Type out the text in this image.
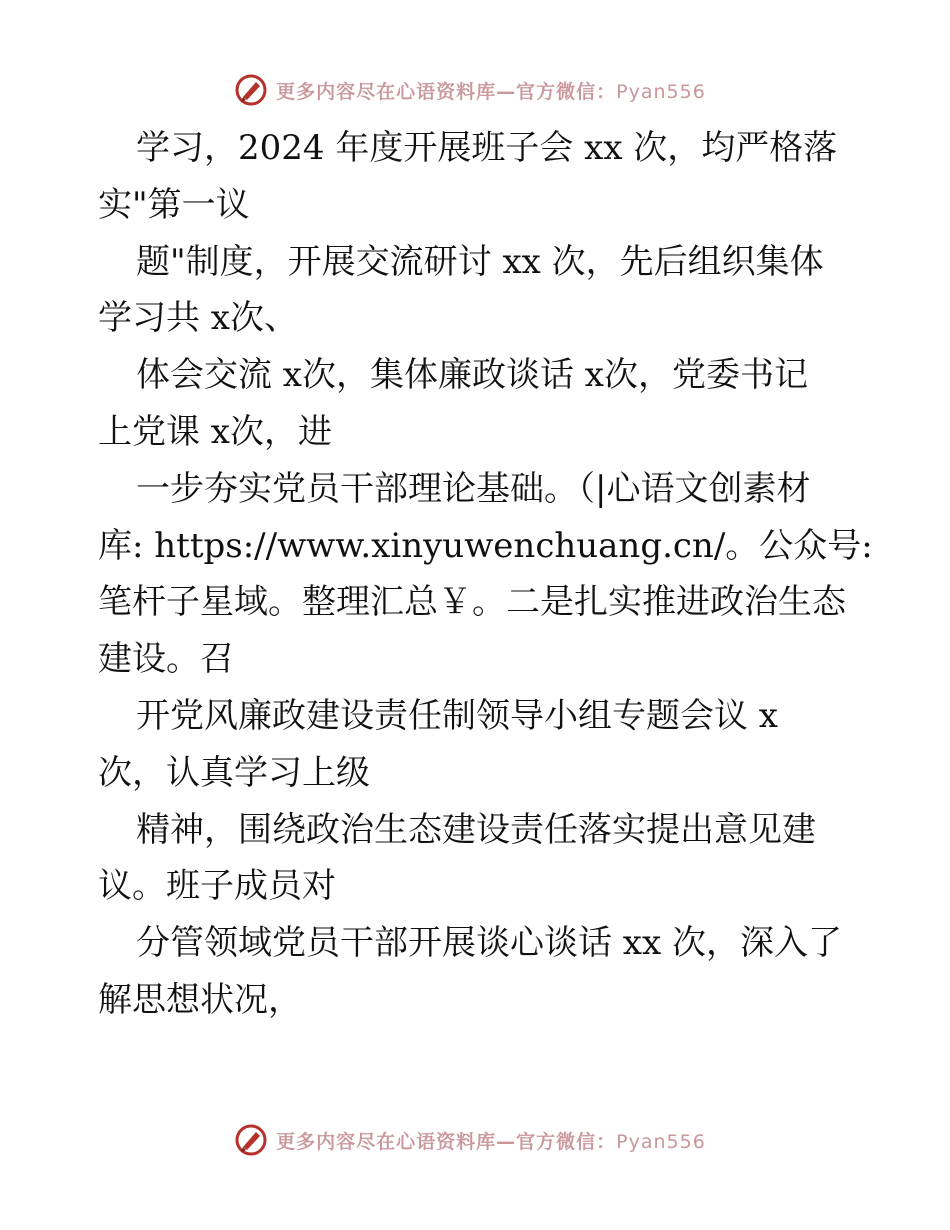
更多内容尽在心语资料库—官方微信：Pyan556

学习，2024 年度开展班子会 xx 次，均严格落

实"第一议

题"制度，开展交流研讨 xx 次，先后组织集体

学习共 x次、

体会交流 x次，集体廉政谈话 x次，党委书记

上党课 x次，进

一步夯实党员干部理论基础。（|心语文创素材

库: https://www.xinyuwenchuang.cn/。公众号:

笔杆子星域。整理汇总￥。二是扎实推进政治生态

建设。召

开党风廉政建设责任制领导小组专题会议 x

次，认真学习上级

精神，围绕政治生态建设责任落实提出意见建

议。班子成员对

分管领域党员干部开展谈心谈话 xx 次，深入了

解思想状况，

更多内容尽在心语资料库—官方微信：Pyan556
